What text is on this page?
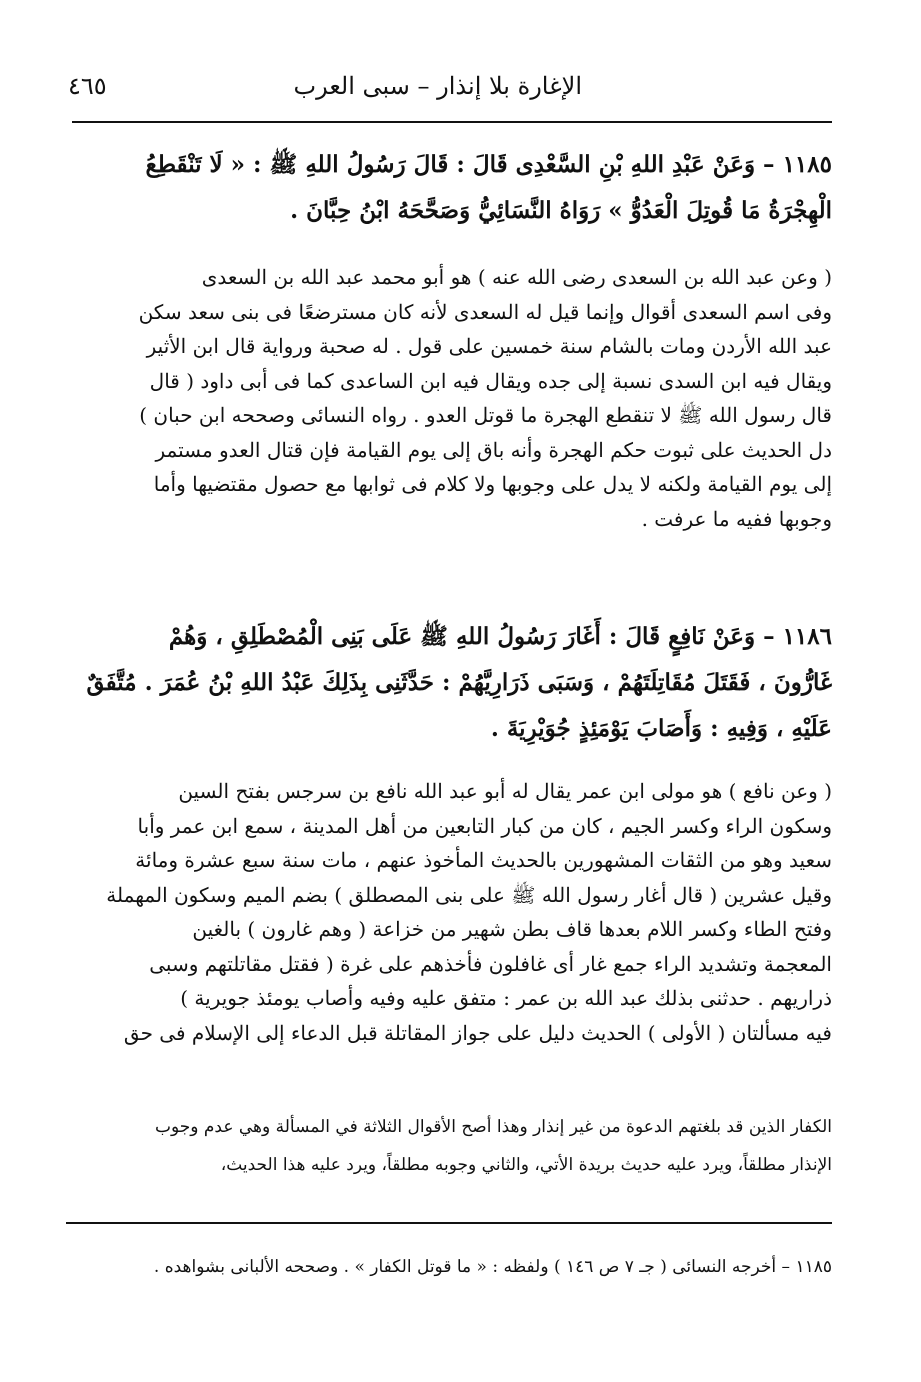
الإغارة بلا إنذار – سبى العرب
٤٦٥
١١٨٥ – وَعَنْ عَبْدِ اللهِ بْنِ السَّعْدِى قَالَ : قَالَ رَسُولُ اللهِ ﷺ : « لَا تَنْقَطِعُ
الْهِجْرَةُ مَا قُوتِلَ الْعَدُوُّ » رَوَاهُ النَّسَائِيُّ وَصَحَّحَهُ ابْنُ حِبَّانَ .
( وعن عبد الله بن السعدى رضى الله عنه ) هو أبو محمد عبد الله بن السعدى
وفى اسم السعدى أقوال وإنما قيل له السعدى لأنه كان مسترضعًا فى بنى سعد سكن
عبد الله الأردن ومات بالشام سنة خمسين على قول . له صحبة ورواية قال ابن الأثير
ويقال فيه ابن السدى نسبة إلى جده ويقال فيه ابن الساعدى كما فى أبى داود ( قال
قال رسول الله ﷺ لا تنقطع الهجرة ما قوتل العدو . رواه النسائى وصححه ابن حبان )
دل الحديث على ثبوت حكم الهجرة وأنه باق إلى يوم القيامة فإن قتال العدو مستمر
إلى يوم القيامة ولكنه لا يدل على وجوبها ولا كلام فى ثوابها مع حصول مقتضيها وأما
وجوبها ففيه ما عرفت .
١١٨٦ – وَعَنْ نَافِعٍ قَالَ : أَغَارَ رَسُولُ اللهِ ﷺ عَلَى بَنِى الْمُصْطَلِقِ ، وَهُمْ
غَارُّونَ ، فَقَتَلَ مُقَاتِلَتَهُمْ ، وَسَبَى ذَرَارِيَّهُمْ : حَدَّثَنِى بِذَلِكَ عَبْدُ اللهِ بْنُ عُمَرَ . مُتَّفَقٌ
عَلَيْهِ ، وَفِيهِ : وَأَصَابَ يَوْمَئِذٍ جُوَيْرِيَةَ .
( وعن نافع ) هو مولى ابن عمر يقال له أبو عبد الله نافع بن سرجس بفتح السين
وسكون الراء وكسر الجيم ، كان من كبار التابعين من أهل المدينة ، سمع ابن عمر وأبا
سعيد وهو من الثقات المشهورين بالحديث المأخوذ عنهم ، مات سنة سبع عشرة ومائة
وقيل عشرين ( قال أغار رسول الله ﷺ على بنى المصطلق ) بضم الميم وسكون المهملة
وفتح الطاء وكسر اللام بعدها قاف بطن شهير من خزاعة ( وهم غارون ) بالغين
المعجمة وتشديد الراء جمع غار أى غافلون فأخذهم على غرة ( فقتل مقاتلتهم وسبى
ذراريهم . حدثنى بذلك عبد الله بن عمر : متفق عليه وفيه وأصاب يومئذ جويرية )
فيه مسألتان ( الأولى ) الحديث دليل على جواز المقاتلة قبل الدعاء إلى الإسلام فى حق
الكفار الذين قد بلغتهم الدعوة من غير إنذار وهذا أصح الأقوال الثلاثة في المسألة وهي عدم وجوب
الإنذار مطلقاً، ويرد عليه حديث بريدة الأتي، والثاني وجوبه مطلقاً، ويرد عليه هذا الحديث،
١١٨٥ – أخرجه النسائى ( جـ ٧ ص ١٤٦ ) ولفظه : « ما قوتل الكفار » . وصححه الألبانى بشواهده .
